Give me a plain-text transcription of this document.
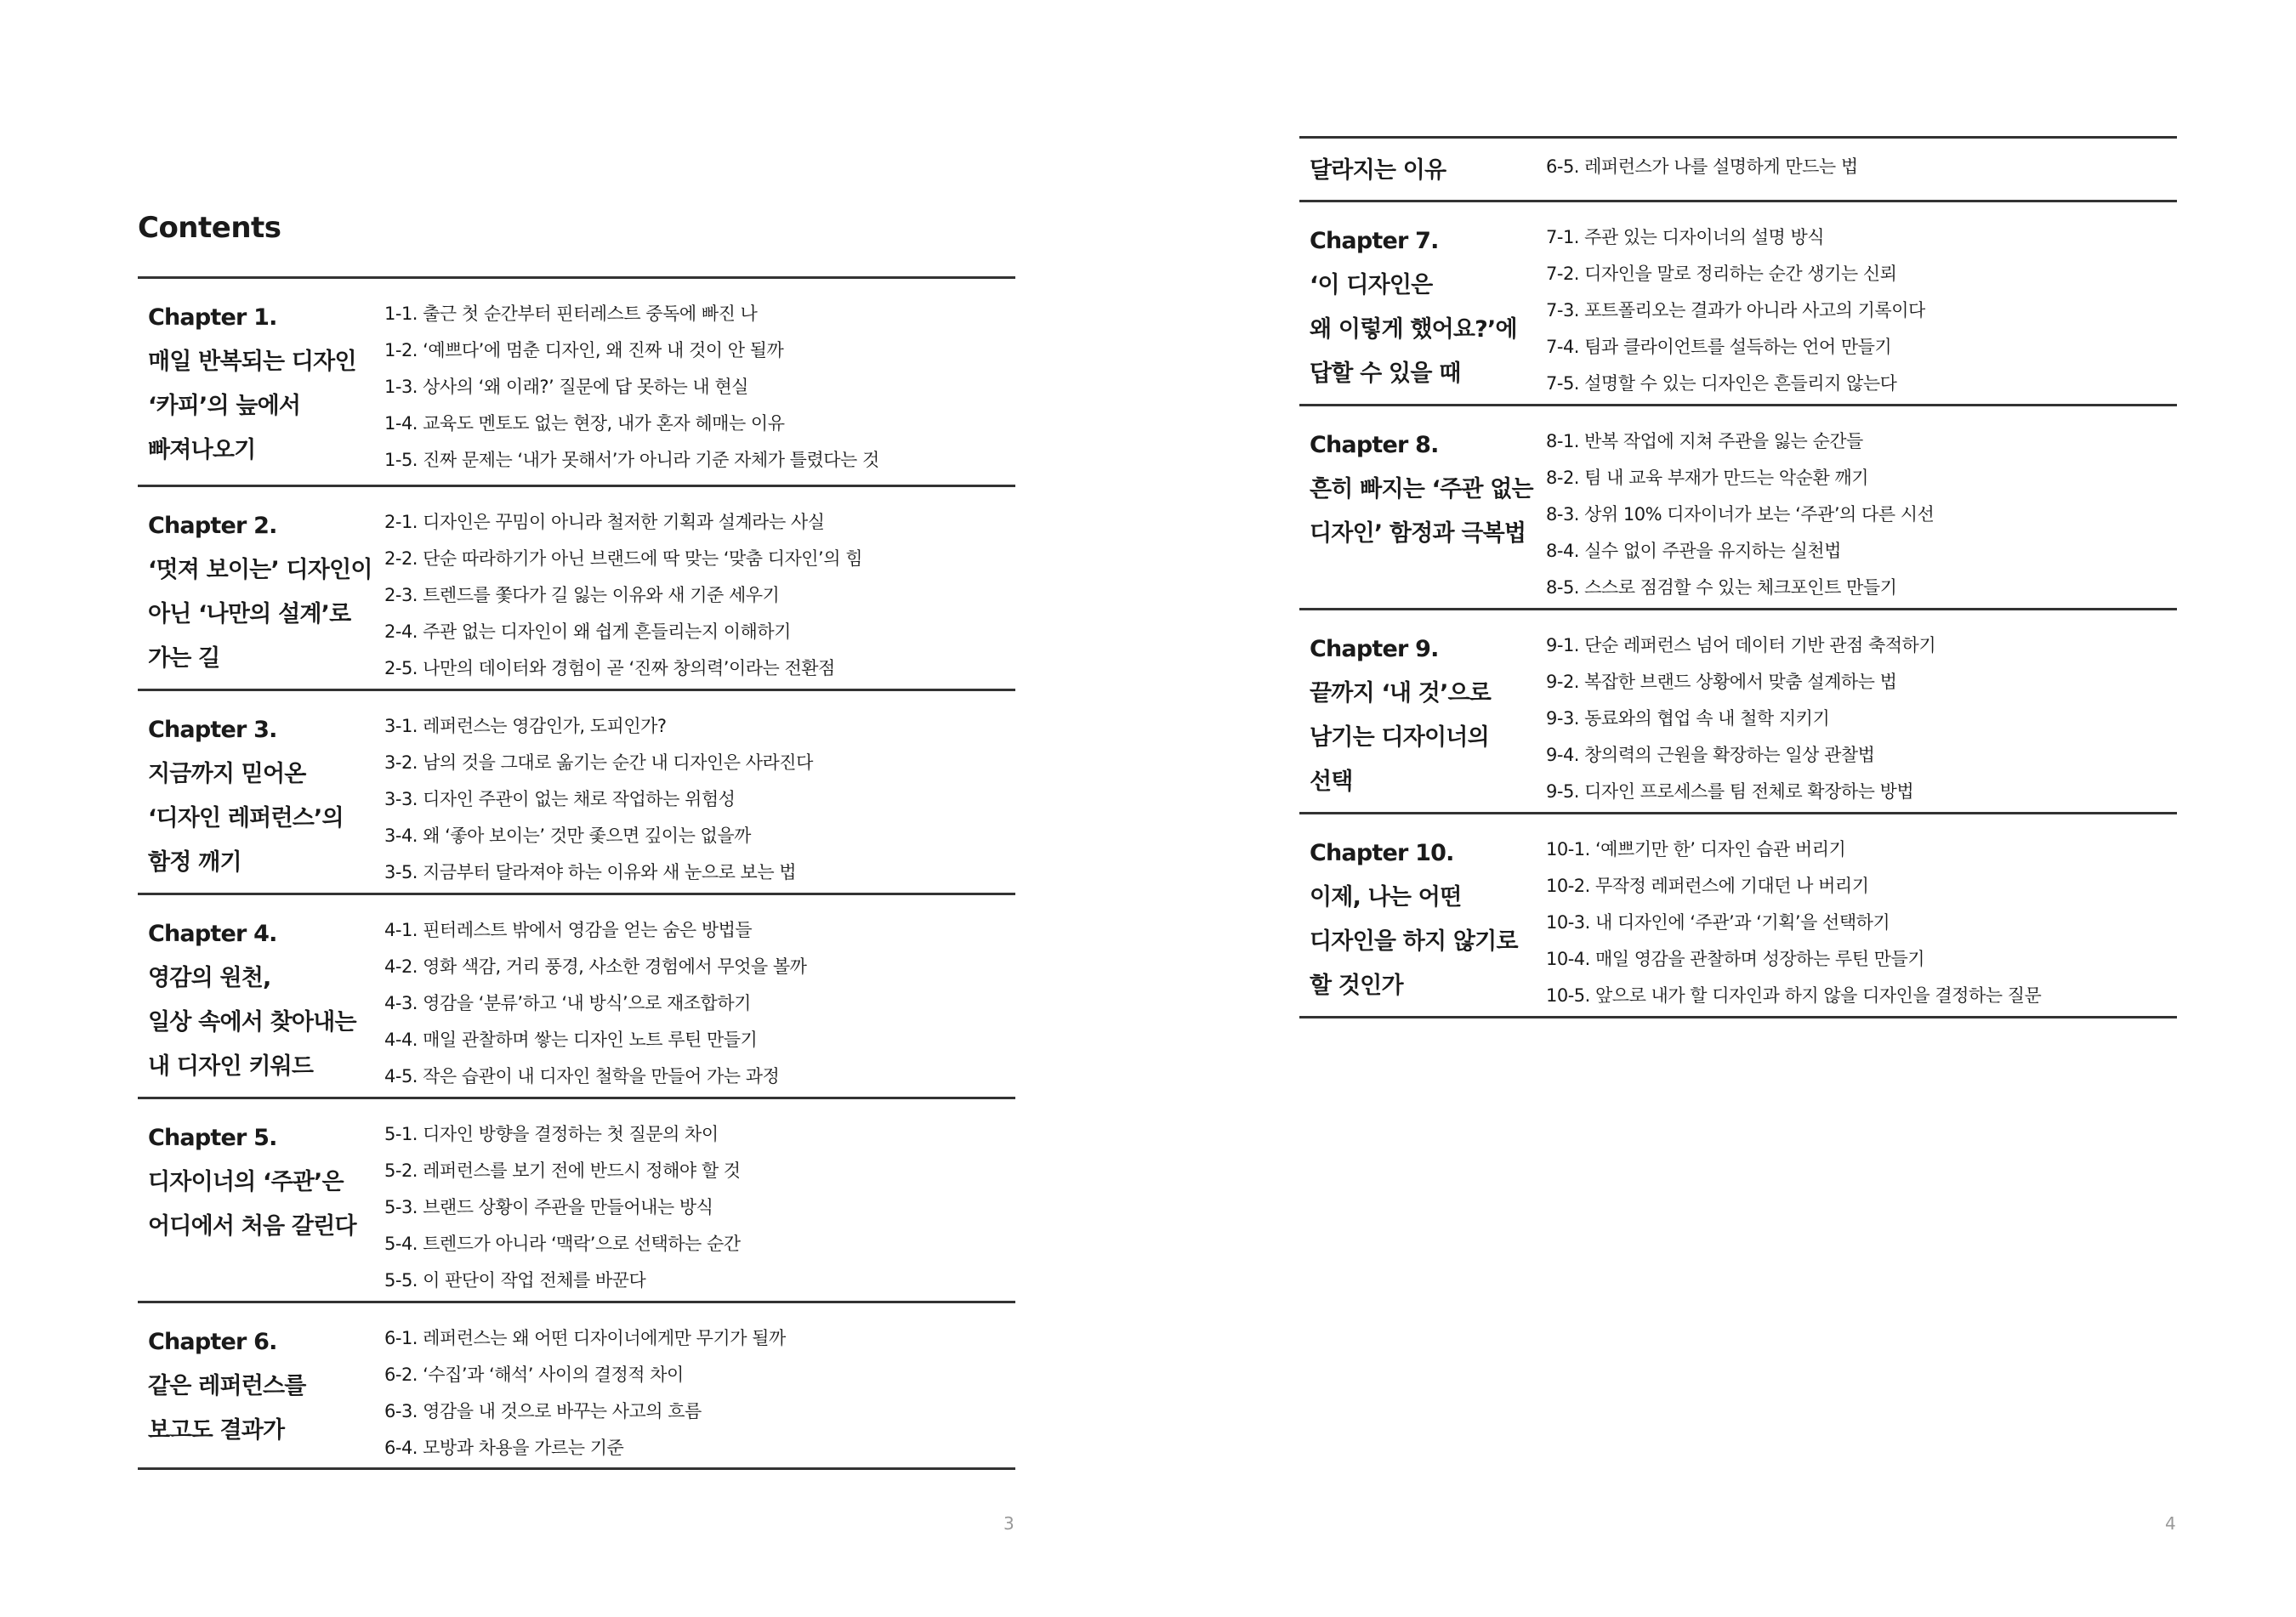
Contents
Chapter 1.
매일 반복되는 디자인
‘카피’의 늪에서
빠져나오기
1-1. 출근 첫 순간부터 핀터레스트 중독에 빠진 나
1-2. ‘예쁘다’에 멈춘 디자인, 왜 진짜 내 것이 안 될까
1-3. 상사의 ‘왜 이래?’ 질문에 답 못하는 내 현실
1-4. 교육도 멘토도 없는 현장, 내가 혼자 헤매는 이유
1-5. 진짜 문제는 ‘내가 못해서’가 아니라 기준 자체가 틀렸다는 것
Chapter 2.
‘멋져 보이는’ 디자인이
아닌 ‘나만의 설계’로
가는 길
2-1. 디자인은 꾸밈이 아니라 철저한 기획과 설계라는 사실
2-2. 단순 따라하기가 아닌 브랜드에 딱 맞는 ‘맞춤 디자인’의 힘
2-3. 트렌드를 쫓다가 길 잃는 이유와 새 기준 세우기
2-4. 주관 없는 디자인이 왜 쉽게 흔들리는지 이해하기
2-5. 나만의 데이터와 경험이 곧 ‘진짜 창의력’이라는 전환점
Chapter 3.
지금까지 믿어온
‘디자인 레퍼런스’의
함정 깨기
3-1. 레퍼런스는 영감인가, 도피인가?
3-2. 남의 것을 그대로 옮기는 순간 내 디자인은 사라진다
3-3. 디자인 주관이 없는 채로 작업하는 위험성
3-4. 왜 ‘좋아 보이는’ 것만 좇으면 깊이는 없을까
3-5. 지금부터 달라져야 하는 이유와 새 눈으로 보는 법
Chapter 4.
영감의 원천,
일상 속에서 찾아내는
내 디자인 키워드
4-1. 핀터레스트 밖에서 영감을 얻는 숨은 방법들
4-2. 영화 색감, 거리 풍경, 사소한 경험에서 무엇을 볼까
4-3. 영감을 ‘분류’하고 ‘내 방식’으로 재조합하기
4-4. 매일 관찰하며 쌓는 디자인 노트 루틴 만들기
4-5. 작은 습관이 내 디자인 철학을 만들어 가는 과정
Chapter 5.
디자이너의 ‘주관’은
어디에서 처음 갈린다
5-1. 디자인 방향을 결정하는 첫 질문의 차이
5-2. 레퍼런스를 보기 전에 반드시 정해야 할 것
5-3. 브랜드 상황이 주관을 만들어내는 방식
5-4. 트렌드가 아니라 ‘맥락’으로 선택하는 순간
5-5. 이 판단이 작업 전체를 바꾼다
Chapter 6.
같은 레퍼런스를
보고도 결과가
6-1. 레퍼런스는 왜 어떤 디자이너에게만 무기가 될까
6-2. ‘수집’과 ‘해석’ 사이의 결정적 차이
6-3. 영감을 내 것으로 바꾸는 사고의 흐름
6-4. 모방과 차용을 가르는 기준
3
달라지는 이유	6-5. 레퍼런스가 나를 설명하게 만드는 법
Chapter 7.
‘이 디자인은
왜 이렇게 했어요?’에
답할 수 있을 때
7-1. 주관 있는 디자이너의 설명 방식
7-2. 디자인을 말로 정리하는 순간 생기는 신뢰
7-3. 포트폴리오는 결과가 아니라 사고의 기록이다
7-4. 팀과 클라이언트를 설득하는 언어 만들기
7-5. 설명할 수 있는 디자인은 흔들리지 않는다
Chapter 8.
흔히 빠지는 ‘주관 없는
디자인’ 함정과 극복법
8-1. 반복 작업에 지쳐 주관을 잃는 순간들
8-2. 팀 내 교육 부재가 만드는 악순환 깨기
8-3. 상위 10% 디자이너가 보는 ‘주관’의 다른 시선
8-4. 실수 없이 주관을 유지하는 실천법
8-5. 스스로 점검할 수 있는 체크포인트 만들기
Chapter 9.
끝까지 ‘내 것’으로
남기는 디자이너의
선택
9-1. 단순 레퍼런스 넘어 데이터 기반 관점 축적하기
9-2. 복잡한 브랜드 상황에서 맞춤 설계하는 법
9-3. 동료와의 협업 속 내 철학 지키기
9-4. 창의력의 근원을 확장하는 일상 관찰법
9-5. 디자인 프로세스를 팀 전체로 확장하는 방법
Chapter 10.
이제, 나는 어떤
디자인을 하지 않기로
할 것인가
10-1. ‘예쁘기만 한’ 디자인 습관 버리기
10-2. 무작정 레퍼런스에 기대던 나 버리기
10-3. 내 디자인에 ‘주관’과 ‘기획’을 선택하기
10-4. 매일 영감을 관찰하며 성장하는 루틴 만들기
10-5. 앞으로 내가 할 디자인과 하지 않을 디자인을 결정하는 질문
4
